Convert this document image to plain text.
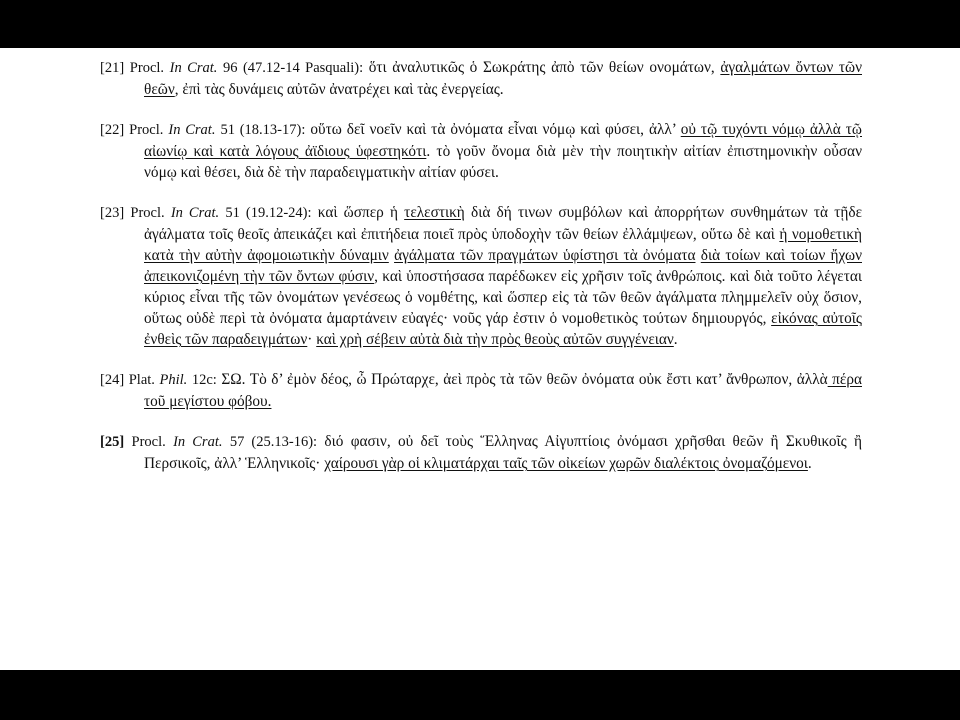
[21] Procl. In Crat. 96 (47.12-14 Pasquali): ὅτι ἀναλυτικῶς ὁ Σωκράτης ἀπὸ τῶν θείων ονομάτων, ἀγαλμάτων ὄντων τῶν θεῶν, ἐπὶ τὰς δυνάμεις αὐτῶν ἀνατρέχει καὶ τὰς ἐνεργείας.

[22] Procl. In Crat. 51 (18.13-17): οὕτω δεῖ νοεῖν καὶ τὰ ὀνόματα εἶναι νόμῳ καὶ φύσει, ἀλλ’ οὐ τῷ τυχόντι νόμῳ ἀλλὰ τῷ αἰωνίῳ καὶ κατὰ λόγους ἀϊδιους ὑφεστηκότι. τὸ γοῦν ὄνομα διὰ μὲν τὴν ποιητικὴν αἰτίαν ἐπιστημονικὴν οὖσαν νόμῳ καὶ θέσει, διὰ δὲ τὴν παραδειγματικὴν αἰτίαν φύσει.

[23] Procl. In Crat. 51 (19.12-24): καὶ ὥσπερ ἡ τελεστικὴ διὰ δή τινων συμβόλων καὶ ἀπορρήτων συνθημάτων τὰ τῇδε ἀγάλματα τοῖς θεοῖς ἀπεικάζει καὶ ἐπιτήδεια ποιεῖ πρὸς ὑποδοχὴν τῶν θείων ἐλλάμψεων, οὕτω δὲ καὶ ἡ νομοθετικὴ κατὰ τὴν αὐτὴν ἀφομοιωτικὴν δύναμιν ἀγάλματα τῶν πραγμάτων ὑφίστησι τὰ ὀνόματα διὰ τοίων καὶ τοίων ἤχων ἀπεικονιζομένη τὴν τῶν ὄντων φύσιν, καὶ ὑποστήσασα παρέδωκεν εἰς χρῆσιν τοῖς ἀνθρώποις. καὶ διὰ τοῦτο λέγεται κύριος εἶναι τῆς τῶν ὀνομάτων γενέσεως ὁ νομθέτης, καὶ ὥσπερ εἰς τὰ τῶν θεῶν ἀγάλματα πλημμελεῖν οὐχ ὅσιον, οὕτως οὐδὲ περὶ τὰ ὀνόματα ἁμαρτάνειν εὐαγές· νοῦς γάρ ἐστιν ὁ νομοθετικὸς τούτων δημιουργός, εἰκόνας αὐτοῖς ἐνθεὶς τῶν παραδειγμάτων· καὶ χρὴ σέβειν αὐτὰ διὰ τὴν πρὸς θεοὺς αὐτῶν συγγένειαν.

[24] Plat. Phil. 12c: ΣΩ. Τὸ δ’ ἐμὸν δέος, ὦ Πρώταρχε, ἀεὶ πρὸς τὰ τῶν θεῶν ὀνόματα οὐκ ἔστι κατ’ ἄνθρωπον, ἀλλὰ πέρα τοῦ μεγίστου φόβου.

[25] Procl. In Crat. 57 (25.13-16): διό φασιν, οὐ δεῖ τοὺς Ἕλληνας Αἰγυπτίοις ὀνόμασι χρῆσθαι θεῶν ἢ Σκυθικοῖς ἢ Περσικοῖς, ἀλλ’ Ἑλληνικοῖς· χαίρουσι γὰρ οἱ κλιματάρχαι ταῖς τῶν οἰκείων χωρῶν διαλέκτοις ὀνομαζόμενοι.
